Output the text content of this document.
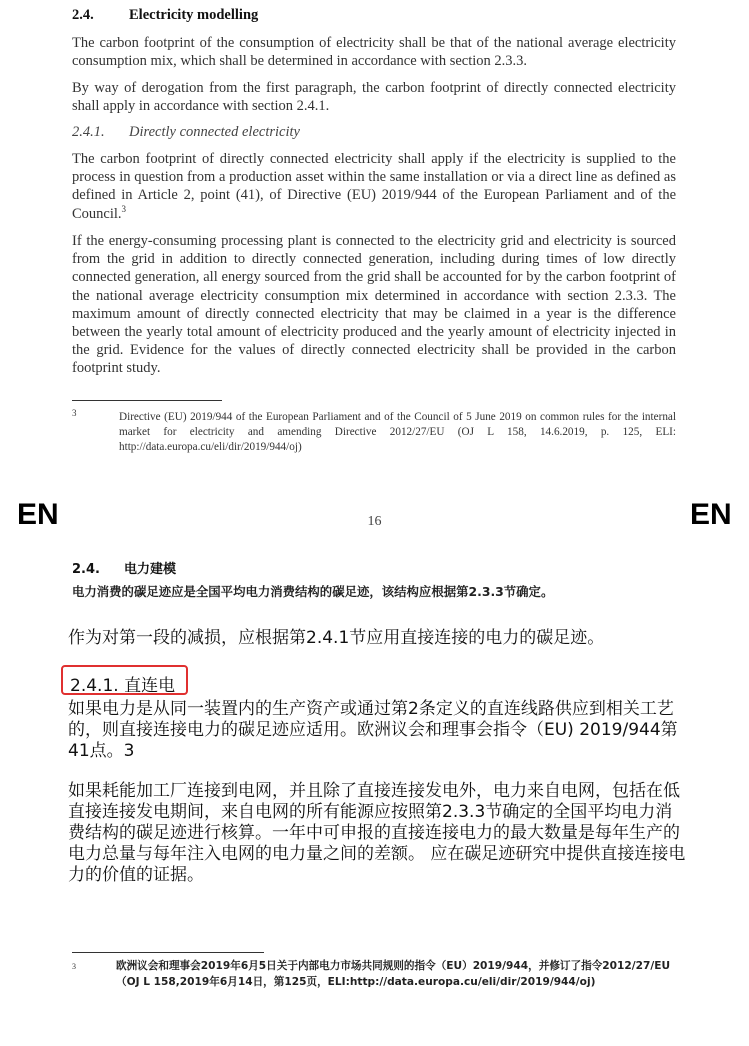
2.4. Electricity modelling
The carbon footprint of the consumption of electricity shall be that of the national average electricity consumption mix, which shall be determined in accordance with section 2.3.3.
By way of derogation from the first paragraph, the carbon footprint of directly connected electricity shall apply in accordance with section 2.4.1.
2.4.1. Directly connected electricity
The carbon footprint of directly connected electricity shall apply if the electricity is supplied to the process in question from a production asset within the same installation or via a direct line as defined as defined in Article 2, point (41), of Directive (EU) 2019/944 of the European Parliament and of the Council.$^3$
If the energy-consuming processing plant is connected to the electricity grid and electricity is sourced from the grid in addition to directly connected generation, including during times of low directly connected generation, all energy sourced from the grid shall be accounted for by the carbon footprint of the national average electricity consumption mix determined in accordance with section 2.3.3. The maximum amount of directly connected electricity that may be claimed in a year is the difference between the yearly total amount of electricity produced and the yearly amount of electricity injected in the grid. Evidence for the values of directly connected electricity shall be provided in the carbon footprint study.
3	Directive (EU) 2019/944 of the European Parliament and of the Council of 5 June 2019 on common rules for the internal market for electricity and amending Directive 2012/27/EU (OJ L 158, 14.6.2019, p. 125, ELI: http://data.europa.cu/eli/dir/2019/944/oj)
EN	16	EN
2.4. 电力建模
电力消费的碳足迹应是全国平均电力消费结构的碳足迹，该结构应根据第2.3.3节确定。
作为对第一段的减损，应根据第2.4.1节应用直接连接的电力的碳足迹。
2.4.1. 直连电
如果电力是从同一装置内的生产资产或通过第2条定义的直连线路供应到相关工艺的，则直接连接电力的碳足迹应适用。欧洲议会和理事会指令（EU) 2019/944第41点。3
如果耗能加工厂连接到电网，并且除了直接连接发电外，电力来自电网，包括在低直接连接发电期间，来自电网的所有能源应按照第2.3.3节确定的全国平均电力消费结构的碳足迹进行核算。一年中可申报的直接连接电力的最大数量是每年生产的电力总量与每年注入电网的电力量之间的差额。 应在碳足迹研究中提供直接连接电力的价值的证据。
3	欧洲议会和理事会2019年6月5日关于内部电力市场共同规则的指令（EU）2019/944，并修订了指令2012/27/EU（OJ L 158,2019年6月14日，第125页，ELI:http://data.europa.cu/eli/dir/2019/944/oj)
